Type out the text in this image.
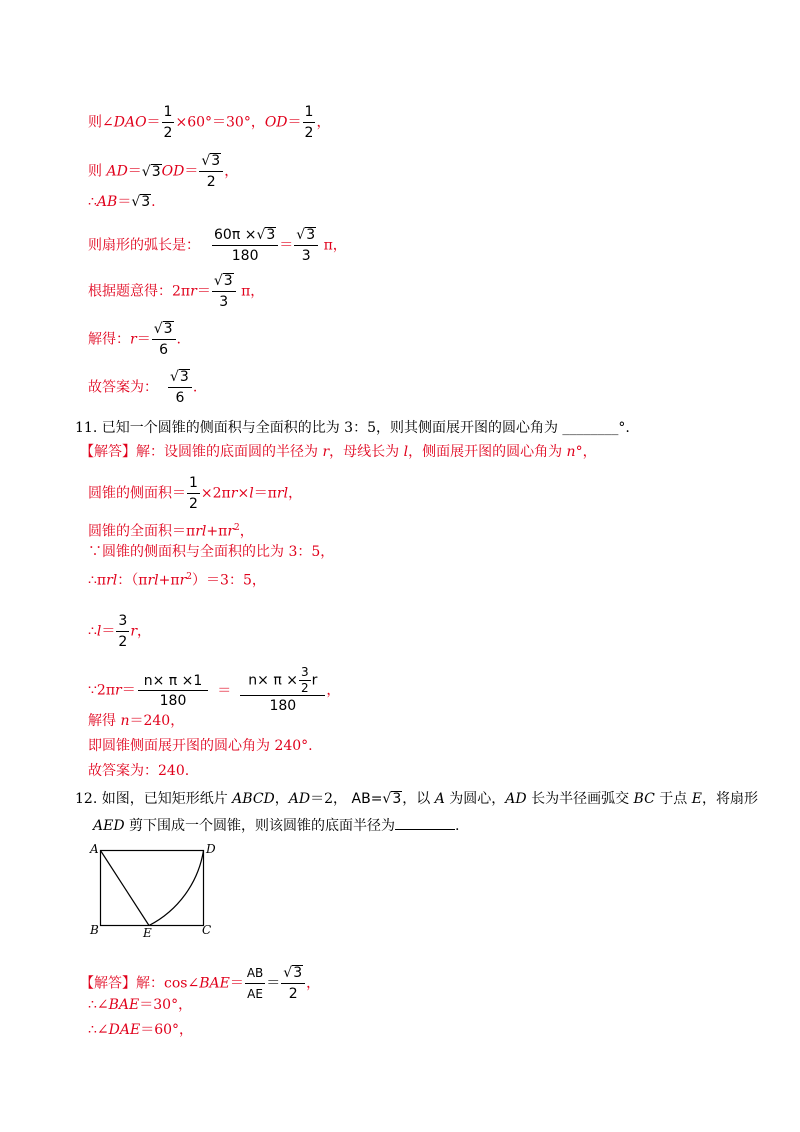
则∠DAO＝ $\frac{1}{2} \times 60^\circ=30^\circ$，$OD= \frac{1}{2}$ ，
则 $AD=√3OD= \frac{√3}{2}$ ，
∴AB＝√3.
则扇形的弧长是： $\frac{60\pi \times√3}{180} = \frac{√3}{3}$ π，
根据题意得：$2\pi r= \frac{√3}{3}$ π，
解得：$r= \frac{√3}{6}$ .
故答案为： $\frac{√3}{6}$ .
11. 已知一个圆锥的侧面积与全面积的比为 3：5，则其侧面展开图的圆心角为 ________°.
【解答】解：设圆锥的底面圆的半径为 r，母线长为 l，侧面展开图的圆心角为 n°，
圆锥的侧面积＝ $\frac{1}{2} \times 2\pi r\times l=\pi rl$，
圆锥的全面积$=\pi rl+\pi r^2$，
∵圆锥的侧面积与全面积的比为 3：5，
∴πrl：$(\pi rl+\pi r^2)=3$：5，
∴l＝ $\frac{3}{2}$ r，
∵2πr＝ $\frac{n\times \pi \times 1}{180} = \frac{n\times \pi \times \frac{3}{2} r}{180}$ ，
解得 n＝240，
即圆锥侧面展开图的圆心角为 240°.
故答案为：240.
12. 如图，已知矩形纸片 ABCD，AD＝2， AB=√3，以 A 为圆心，AD 长为半径画弧交 BC 于点 E，将扇形
AED 剪下围成一个圆锥，则该圆锥的底面半径为	.
A	D
B	E	C
【解答】解：cos∠BAE＝ $\frac{AB}{AE} = \frac{√3}{2}$ ，
∴∠BAE＝30°，
∴∠DAE＝60°，
